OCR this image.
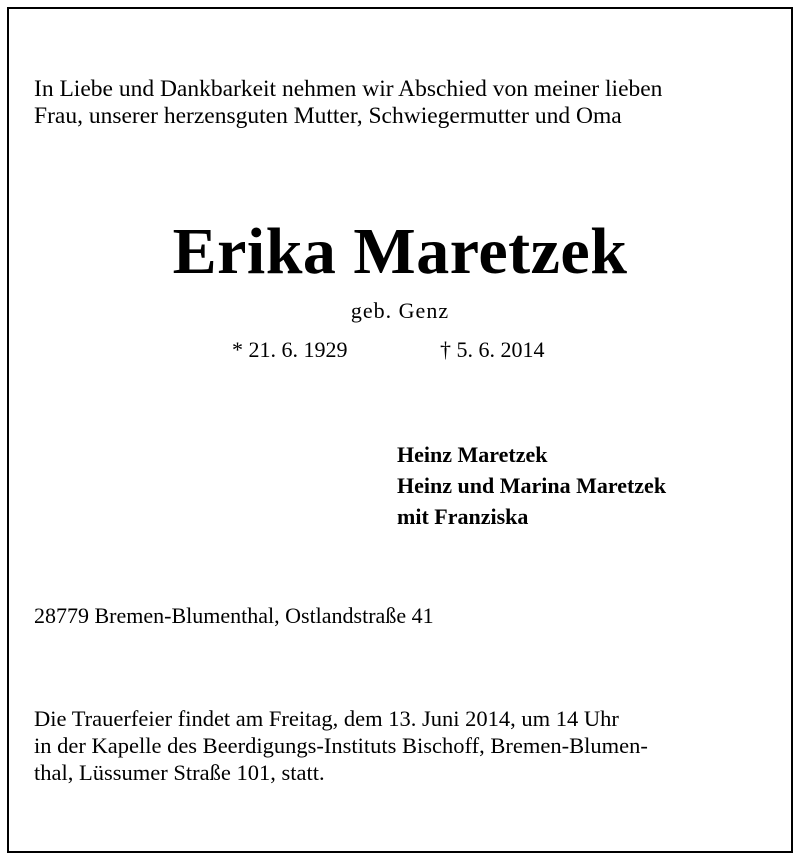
In Liebe und Dankbarkeit nehmen wir Abschied von meiner lieben
Frau, unserer herzensguten Mutter, Schwiegermutter und Oma
Erika Maretzek
geb. Genz
* 21. 6. 1929	† 5. 6. 2014
Heinz Maretzek
Heinz und Marina Maretzek
mit Franziska
28779 Bremen-Blumenthal, Ostlandstraße 41
Die Trauerfeier findet am Freitag, dem 13. Juni 2014, um 14 Uhr
in der Kapelle des Beerdigungs-Instituts Bischoff, Bremen-Blumen-
thal, Lüssumer Straße 101, statt.
